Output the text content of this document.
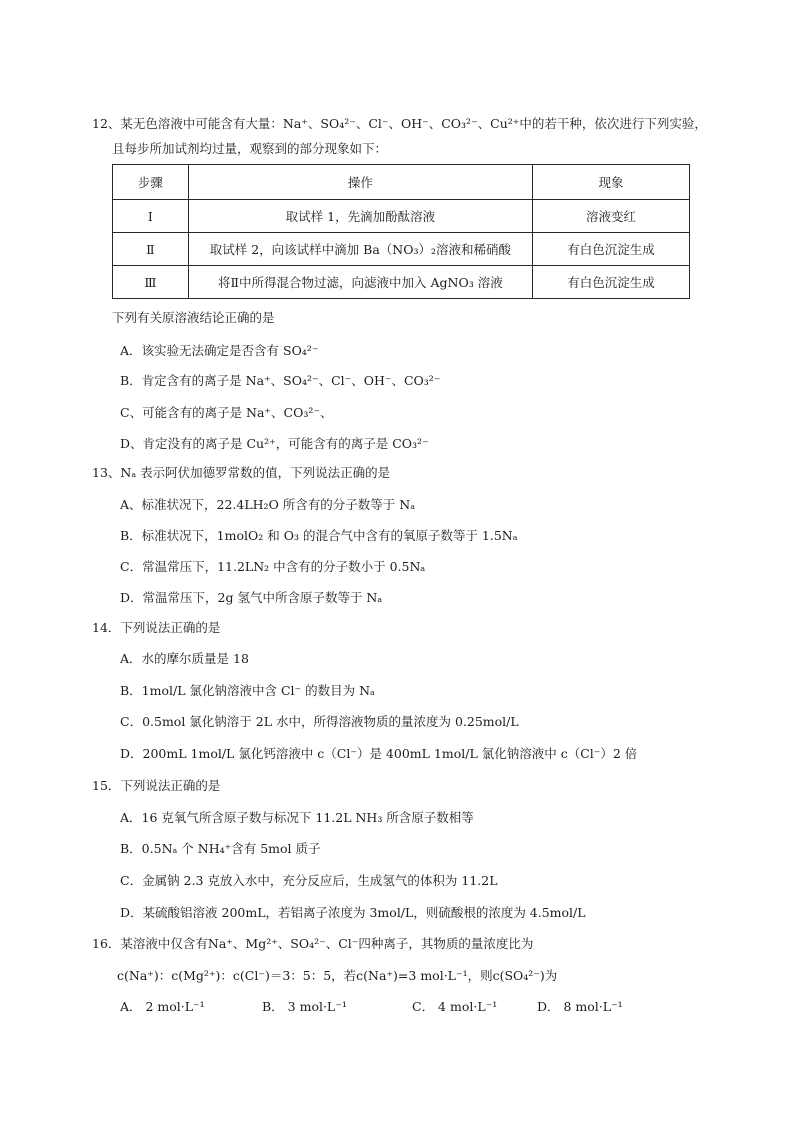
12、某无色溶液中可能含有大量：Na⁺、SO₄²⁻、Cl⁻、OH⁻、CO₃²⁻、Cu²⁺中的若干种，依次进行下列实验，
且每步所加试剂均过量，观察到的部分现象如下：
步骤	操作	现象
Ⅰ	取试样 1，先滴加酚酞溶液	溶液变红
Ⅱ	取试样 2，向该试样中滴加 Ba（NO₃）₂溶液和稀硝酸	有白色沉淀生成
Ⅲ	将Ⅱ中所得混合物过滤，向滤液中加入 AgNO₃ 溶液	有白色沉淀生成
下列有关原溶液结论正确的是
A．该实验无法确定是否含有 SO₄²⁻
B．肯定含有的离子是 Na⁺、SO₄²⁻、Cl⁻、OH⁻、CO₃²⁻
C、可能含有的离子是 Na⁺、CO₃²⁻、
D、肯定没有的离子是 Cu²⁺，可能含有的离子是 CO₃²⁻
13、Nₐ 表示阿伏加德罗常数的值，下列说法正确的是
A、标准状况下，22.4LH₂O 所含有的分子数等于 Nₐ
B．标准状况下，1molO₂ 和 O₃ 的混合气中含有的氧原子数等于 1.5Nₐ
C．常温常压下，11.2LN₂ 中含有的分子数小于 0.5Nₐ
D．常温常压下，2g 氢气中所含原子数等于 Nₐ
14．下列说法正确的是
A．水的摩尔质量是 18
B．1mol/L 氯化钠溶液中含 Cl⁻ 的数目为 Nₐ
C．0.5mol 氯化钠溶于 2L 水中，所得溶液物质的量浓度为 0.25mol/L
D．200mL 1mol/L 氯化钙溶液中 c（Cl⁻）是 400mL 1mol/L 氯化钠溶液中 c（Cl⁻）2 倍
15．下列说法正确的是
A．16 克氧气所含原子数与标况下 11.2L NH₃ 所含原子数相等
B．0.5Nₐ 个 NH₄⁺含有 5mol 质子
C．金属钠 2.3 克放入水中，充分反应后，生成氢气的体积为 11.2L
D．某硫酸铝溶液 200mL，若铝离子浓度为 3mol/L，则硫酸根的浓度为 4.5mol/L
16．某溶液中仅含有Na⁺、Mg²⁺、SO₄²⁻、Cl⁻四种离子，其物质的量浓度比为
c(Na⁺)：c(Mg²⁺)：c(Cl⁻)＝3：5：5，若c(Na⁺)=3 mol·L⁻¹，则c(SO₄²⁻)为
A． 2 mol·L⁻¹	B． 3 mol·L⁻¹	C． 4 mol·L⁻¹	D． 8 mol·L⁻¹
